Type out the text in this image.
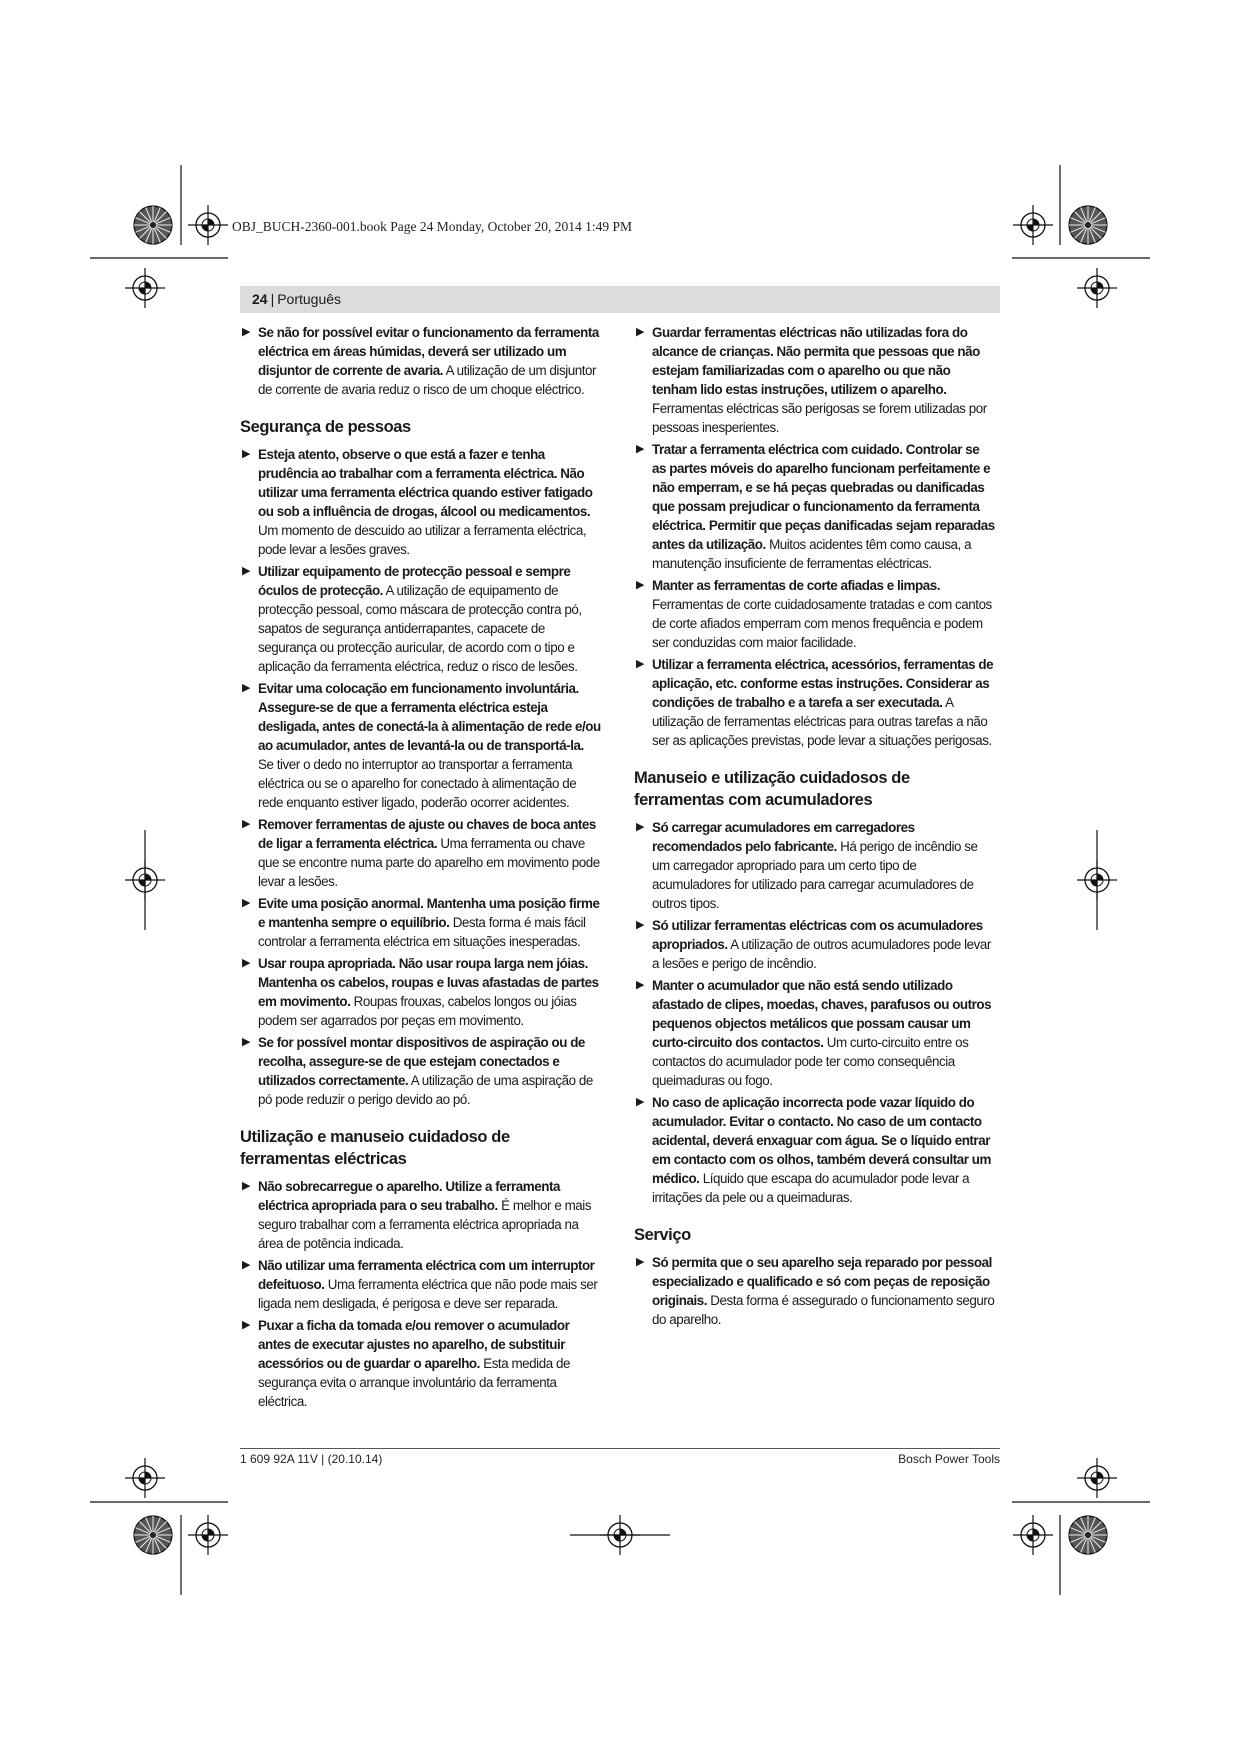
OBJ_BUCH-2360-001.book Page 24 Monday, October 20, 2014 1:49 PM
24 | Português
▶ Se não for possível evitar o funcionamento da ferramenta eléctrica em áreas húmidas, deverá ser utilizado um disjuntor de corrente de avaria. A utilização de um disjuntor de corrente de avaria reduz o risco de um choque eléctrico.
Segurança de pessoas
▶ Esteja atento, observe o que está a fazer e tenha prudência ao trabalhar com a ferramenta eléctrica. Não utilizar uma ferramenta eléctrica quando estiver fatigado ou sob a influência de drogas, álcool ou medicamentos. Um momento de descuido ao utilizar a ferramenta eléctrica, pode levar a lesões graves.
▶ Utilizar equipamento de protecção pessoal e sempre óculos de protecção. A utilização de equipamento de protecção pessoal, como máscara de protecção contra pó, sapatos de segurança antiderrapantes, capacete de segurança ou protecção auricular, de acordo com o tipo e aplicação da ferramenta eléctrica, reduz o risco de lesões.
▶ Evitar uma colocação em funcionamento involuntária. Assegure-se de que a ferramenta eléctrica esteja desligada, antes de conectá-la à alimentação de rede e/ou ao acumulador, antes de levantá-la ou de transportá-la. Se tiver o dedo no interruptor ao transportar a ferramenta eléctrica ou se o aparelho for conectado à alimentação de rede enquanto estiver ligado, poderão ocorrer acidentes.
▶ Remover ferramentas de ajuste ou chaves de boca antes de ligar a ferramenta eléctrica. Uma ferramenta ou chave que se encontre numa parte do aparelho em movimento pode levar a lesões.
▶ Evite uma posição anormal. Mantenha uma posição firme e mantenha sempre o equilíbrio. Desta forma é mais fácil controlar a ferramenta eléctrica em situações inesperadas.
▶ Usar roupa apropriada. Não usar roupa larga nem jóias. Mantenha os cabelos, roupas e luvas afastadas de partes em movimento. Roupas frouxas, cabelos longos ou jóias podem ser agarrados por peças em movimento.
▶ Se for possível montar dispositivos de aspiração ou de recolha, assegure-se de que estejam conectados e utilizados correctamente. A utilização de uma aspiração de pó pode reduzir o perigo devido ao pó.
Utilização e manuseio cuidadoso de ferramentas eléctricas
▶ Não sobrecarregue o aparelho. Utilize a ferramenta eléctrica apropriada para o seu trabalho. É melhor e mais seguro trabalhar com a ferramenta eléctrica apropriada na área de potência indicada.
▶ Não utilizar uma ferramenta eléctrica com um interruptor defeituoso. Uma ferramenta eléctrica que não pode mais ser ligada nem desligada, é perigosa e deve ser reparada.
▶ Puxar a ficha da tomada e/ou remover o acumulador antes de executar ajustes no aparelho, de substituir acessórios ou de guardar o aparelho. Esta medida de segurança evita o arranque involuntário da ferramenta eléctrica.
▶ Guardar ferramentas eléctricas não utilizadas fora do alcance de crianças. Não permita que pessoas que não estejam familiarizadas com o aparelho ou que não tenham lido estas instruções, utilizem o aparelho. Ferramentas eléctricas são perigosas se forem utilizadas por pessoas inesperientes.
▶ Tratar a ferramenta eléctrica com cuidado. Controlar se as partes móveis do aparelho funcionam perfeitamente e não emperram, e se há peças quebradas ou danificadas que possam prejudicar o funcionamento da ferramenta eléctrica. Permitir que peças danificadas sejam reparadas antes da utilização. Muitos acidentes têm como causa, a manutenção insuficiente de ferramentas eléctricas.
▶ Manter as ferramentas de corte afiadas e limpas. Ferramentas de corte cuidadosamente tratadas e com cantos de corte afiados emperram com menos frequência e podem ser conduzidas com maior facilidade.
▶ Utilizar a ferramenta eléctrica, acessórios, ferramentas de aplicação, etc. conforme estas instruções. Considerar as condições de trabalho e a tarefa a ser executada. A utilização de ferramentas eléctricas para outras tarefas a não ser as aplicações previstas, pode levar a situações perigosas.
Manuseio e utilização cuidadosos de ferramentas com acumuladores
▶ Só carregar acumuladores em carregadores recomendados pelo fabricante. Há perigo de incêndio se um carregador apropriado para um certo tipo de acumuladores for utilizado para carregar acumuladores de outros tipos.
▶ Só utilizar ferramentas eléctricas com os acumuladores apropriados. A utilização de outros acumuladores pode levar a lesões e perigo de incêndio.
▶ Manter o acumulador que não está sendo utilizado afastado de clipes, moedas, chaves, parafusos ou outros pequenos objectos metálicos que possam causar um curto-circuito dos contactos. Um curto-circuito entre os contactos do acumulador pode ter como consequência queimaduras ou fogo.
▶ No caso de aplicação incorrecta pode vazar líquido do acumulador. Evitar o contacto. No caso de um contacto acidental, deverá enxaguar com água. Se o líquido entrar em contacto com os olhos, também deverá consultar um médico. Líquido que escapa do acumulador pode levar a irritações da pele ou a queimaduras.
Serviço
▶ Só permita que o seu aparelho seja reparado por pessoal especializado e qualificado e só com peças de reposição originais. Desta forma é assegurado o funcionamento seguro do aparelho.
1 609 92A 11V | (20.10.14)	Bosch Power Tools
